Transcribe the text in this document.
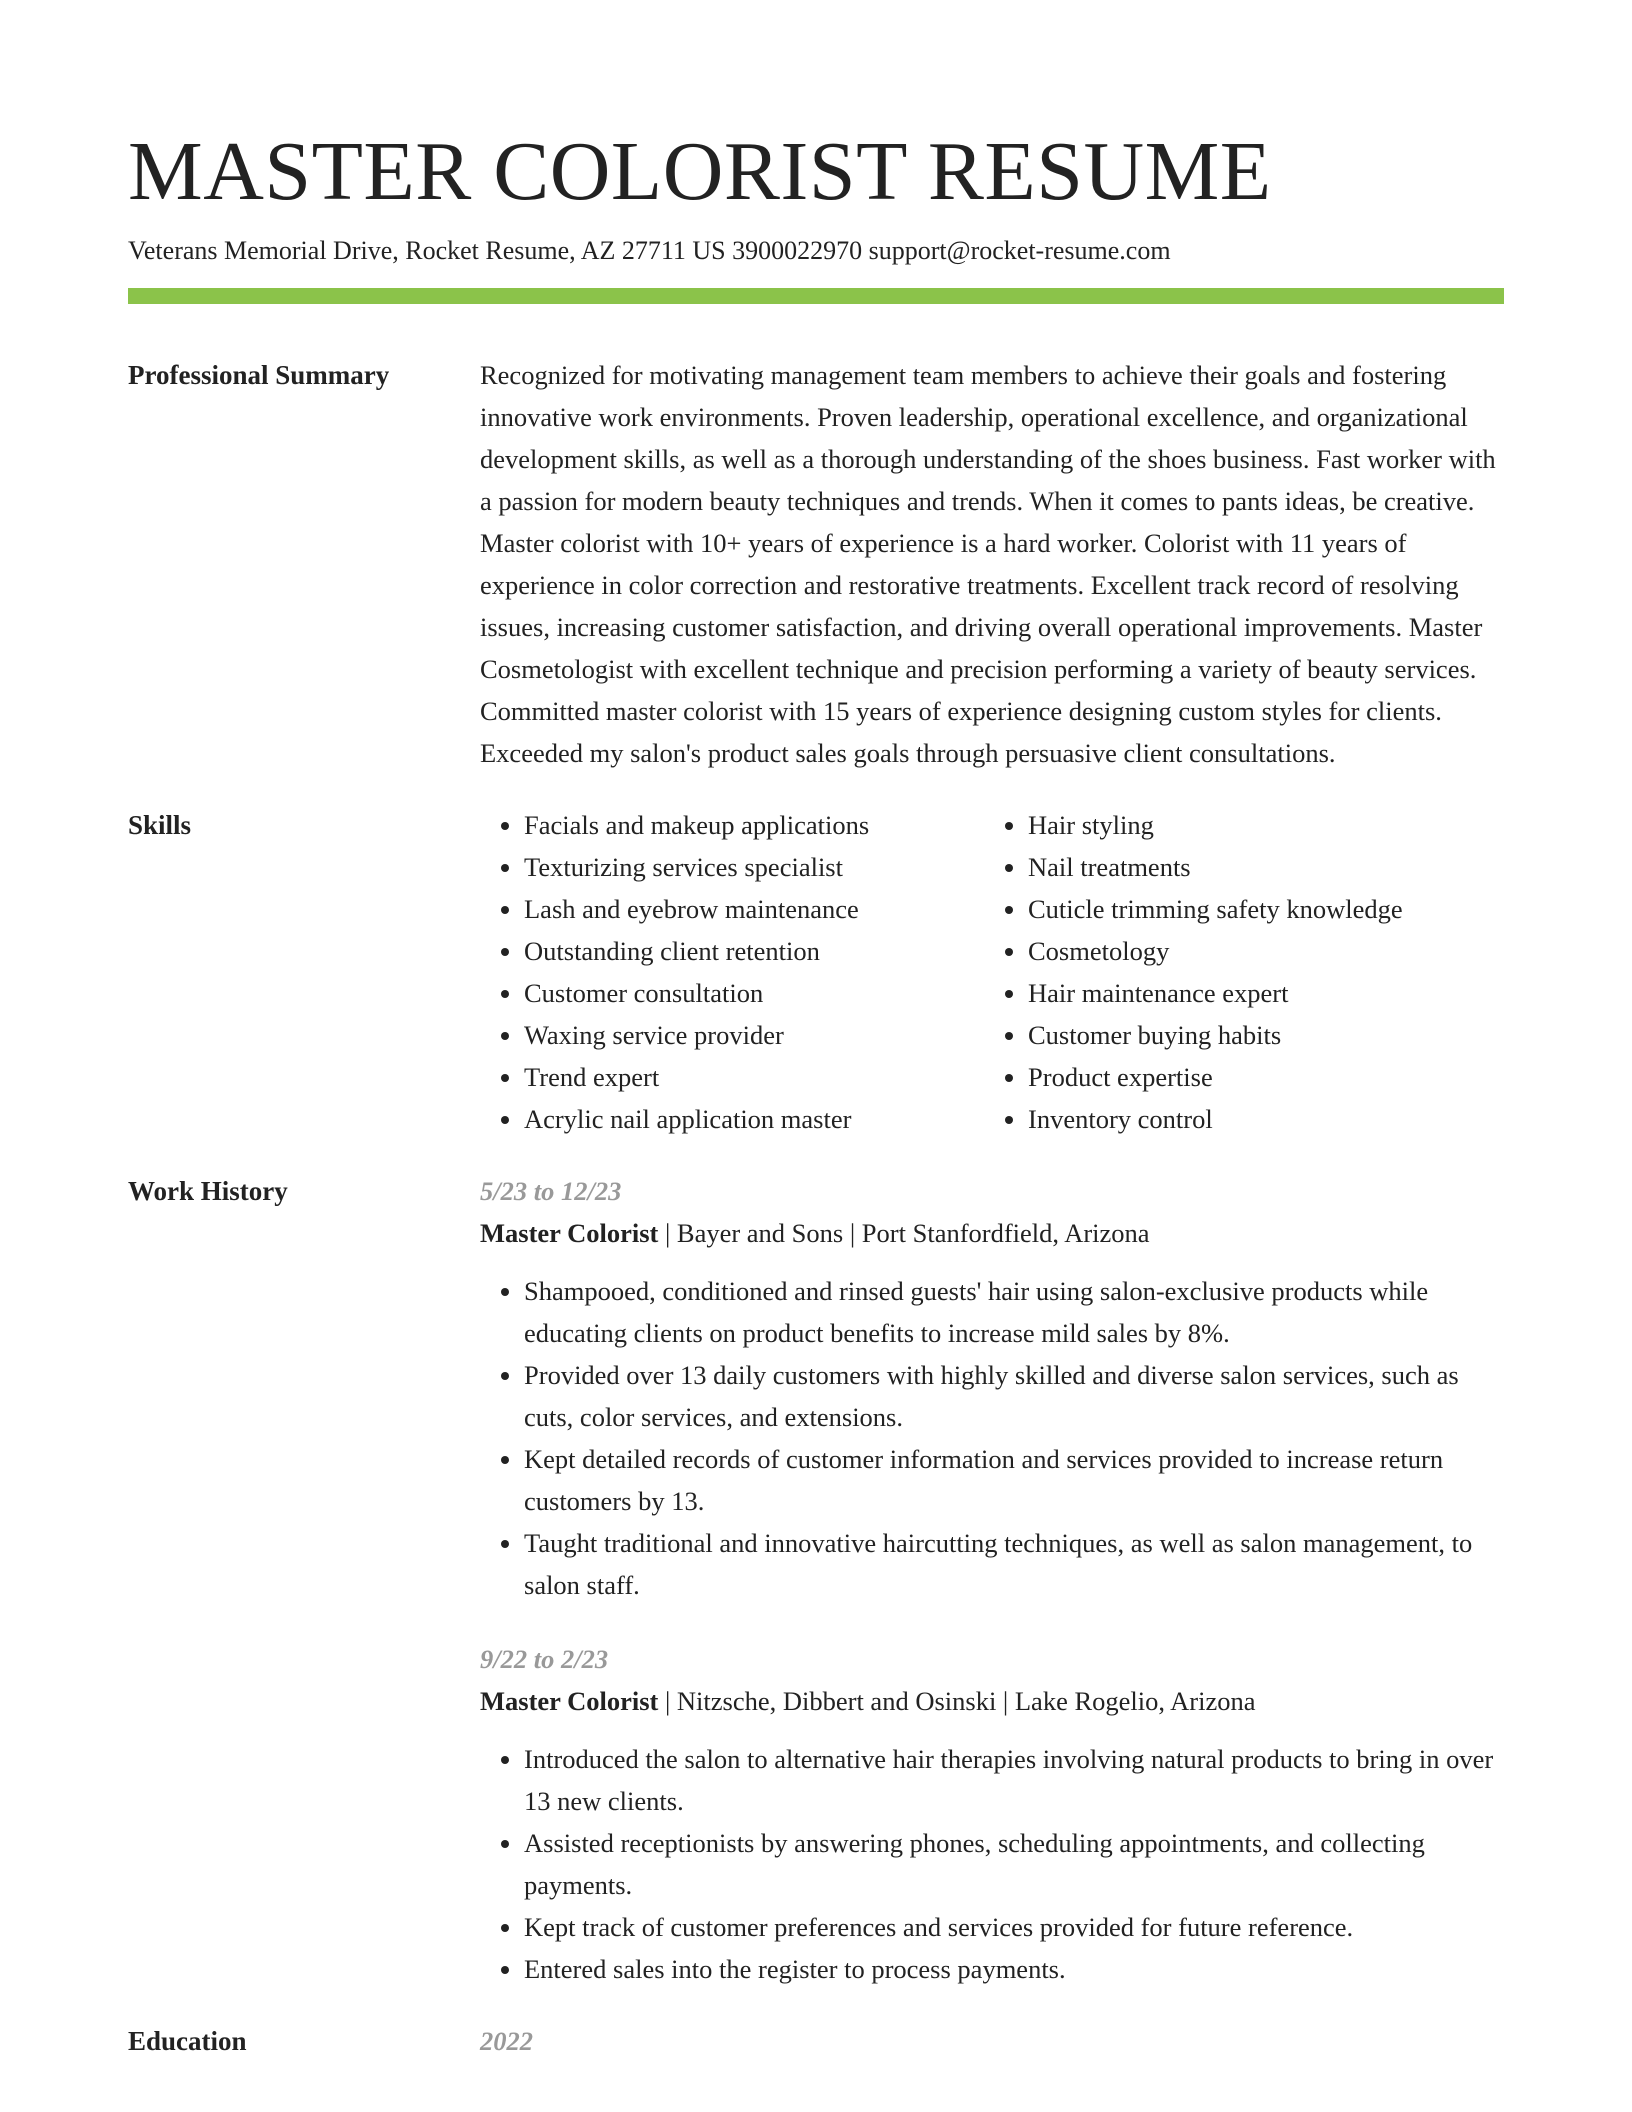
MASTER COLORIST RESUME
Veterans Memorial Drive, Rocket Resume, AZ 27711 US 3900022970 support@rocket-resume.com
Professional Summary	Recognized for motivating management team members to achieve their goals and fostering innovative work environments. Proven leadership, operational excellence, and organizational development skills, as well as a thorough understanding of the shoes business. Fast worker with a passion for modern beauty techniques and trends. When it comes to pants ideas, be creative. Master colorist with 10+ years of experience is a hard worker. Colorist with 11 years of experience in color correction and restorative treatments. Excellent track record of resolving issues, increasing customer satisfaction, and driving overall operational improvements. Master Cosmetologist with excellent technique and precision performing a variety of beauty services. Committed master colorist with 15 years of experience designing custom styles for clients. Exceeded my salon's product sales goals through persuasive client consultations.

Skills
•	Facials and makeup applications
• Texturizing services specialist
• Lash and eyebrow maintenance
• Outstanding client retention
• Customer consultation
• Waxing service provider
• Trend expert
• Acrylic nail application master
• Hair styling
• Nail treatments
• Cuticle trimming safety knowledge
• Cosmetology
• Hair maintenance expert
• Customer buying habits
• Product expertise
• Inventory control
Work History	5/23 to 12/23
Master Colorist | Bayer and Sons | Port Stanfordfield, Arizona
• Shampooed, conditioned and rinsed guests' hair using salon-exclusive products while educating clients on product benefits to increase mild sales by 8%.
• Provided over 13 daily customers with highly skilled and diverse salon services, such as cuts, color services, and extensions.
• Kept detailed records of customer information and services provided to increase return customers by 13.
• Taught traditional and innovative haircutting techniques, as well as salon management, to salon staff.
9/22 to 2/23
Master Colorist | Nitzsche, Dibbert and Osinski | Lake Rogelio, Arizona
• Introduced the salon to alternative hair therapies involving natural products to bring in over 13 new clients.
• Assisted receptionists by answering phones, scheduling appointments, and collecting payments.
• Kept track of customer preferences and services provided for future reference.
• Entered sales into the register to process payments.
Education	2022
